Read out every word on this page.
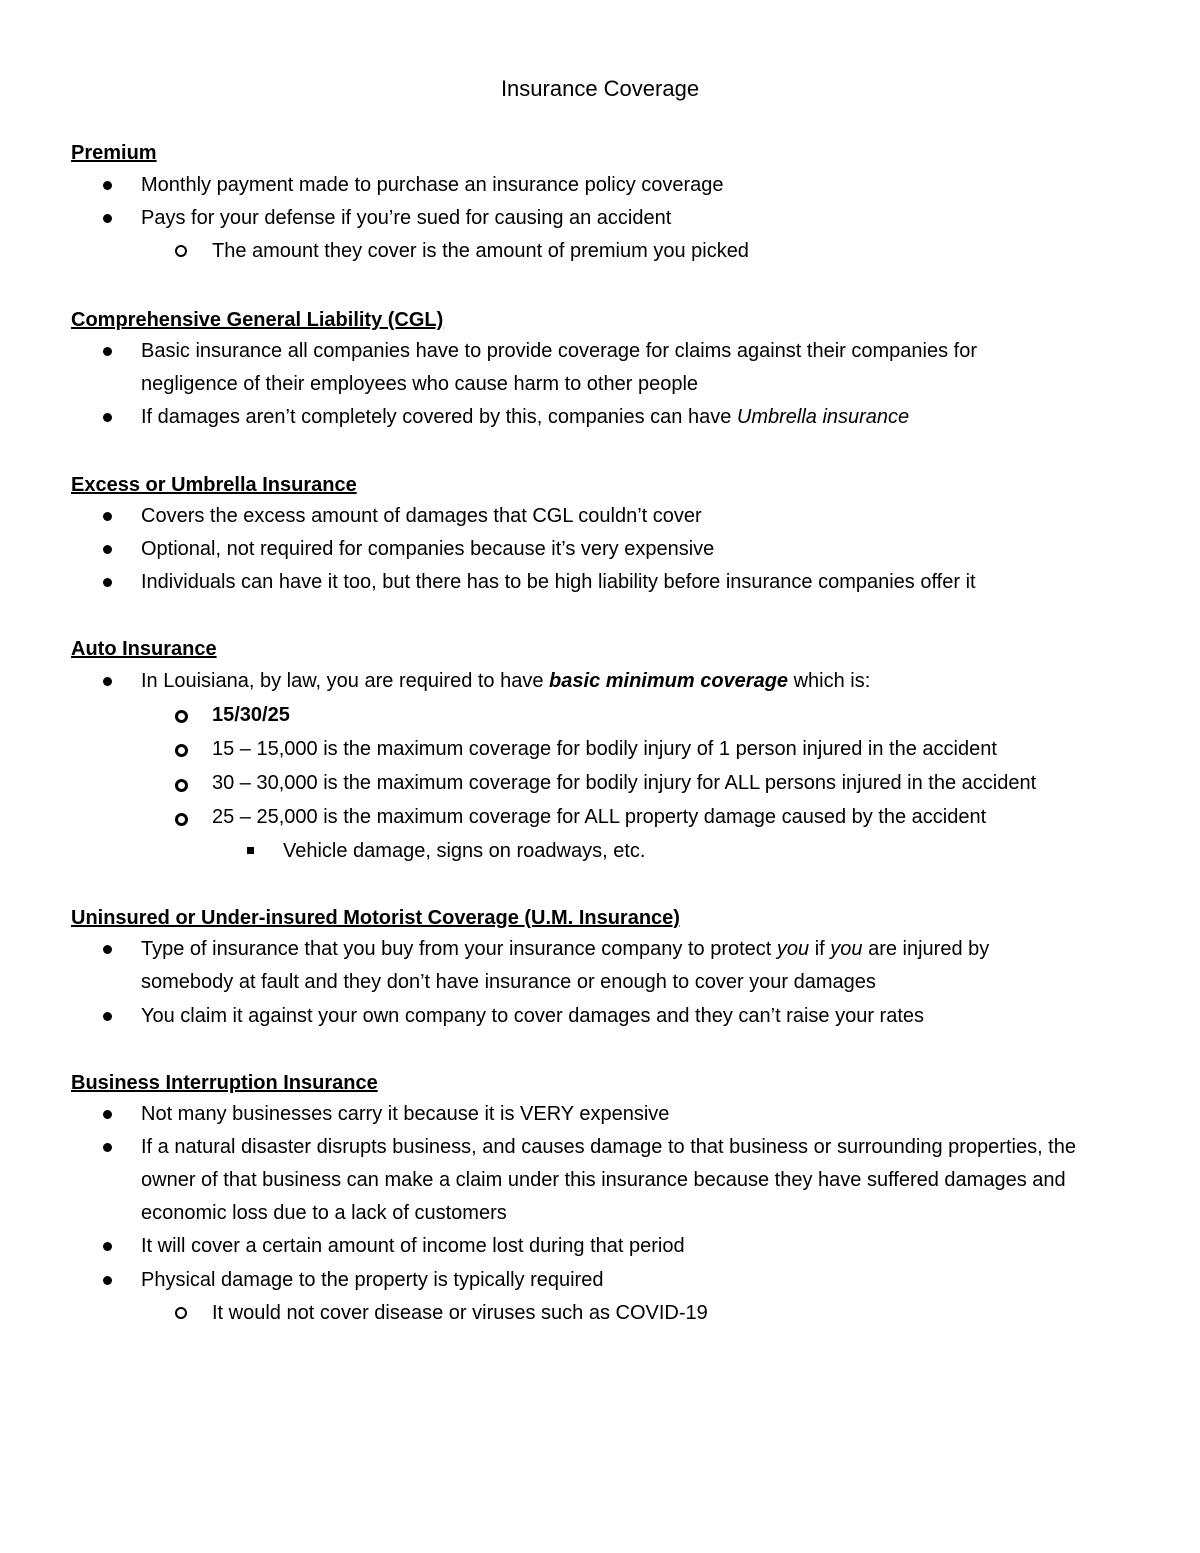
Insurance Coverage
Premium
Monthly payment made to purchase an insurance policy coverage
Pays for your defense if you’re sued for causing an accident
The amount they cover is the amount of premium you picked
Comprehensive General Liability (CGL)
Basic insurance all companies have to provide coverage for claims against their companies for negligence of their employees who cause harm to other people
If damages aren’t completely covered by this, companies can have Umbrella insurance
Excess or Umbrella Insurance
Covers the excess amount of damages that CGL couldn’t cover
Optional, not required for companies because it’s very expensive
Individuals can have it too, but there has to be high liability before insurance companies offer it
Auto Insurance
In Louisiana, by law, you are required to have basic minimum coverage which is:
15/30/25
15 – 15,000 is the maximum coverage for bodily injury of 1 person injured in the accident
30 – 30,000 is the maximum coverage for bodily injury for ALL persons injured in the accident
25 – 25,000 is the maximum coverage for ALL property damage caused by the accident
Vehicle damage, signs on roadways, etc.
Uninsured or Under-insured Motorist Coverage (U.M. Insurance)
Type of insurance that you buy from your insurance company to protect you if you are injured by somebody at fault and they don’t have insurance or enough to cover your damages
You claim it against your own company to cover damages and they can’t raise your rates
Business Interruption Insurance
Not many businesses carry it because it is VERY expensive
If a natural disaster disrupts business, and causes damage to that business or surrounding properties, the owner of that business can make a claim under this insurance because they have suffered damages and economic loss due to a lack of customers
It will cover a certain amount of income lost during that period
Physical damage to the property is typically required
It would not cover disease or viruses such as COVID-19
